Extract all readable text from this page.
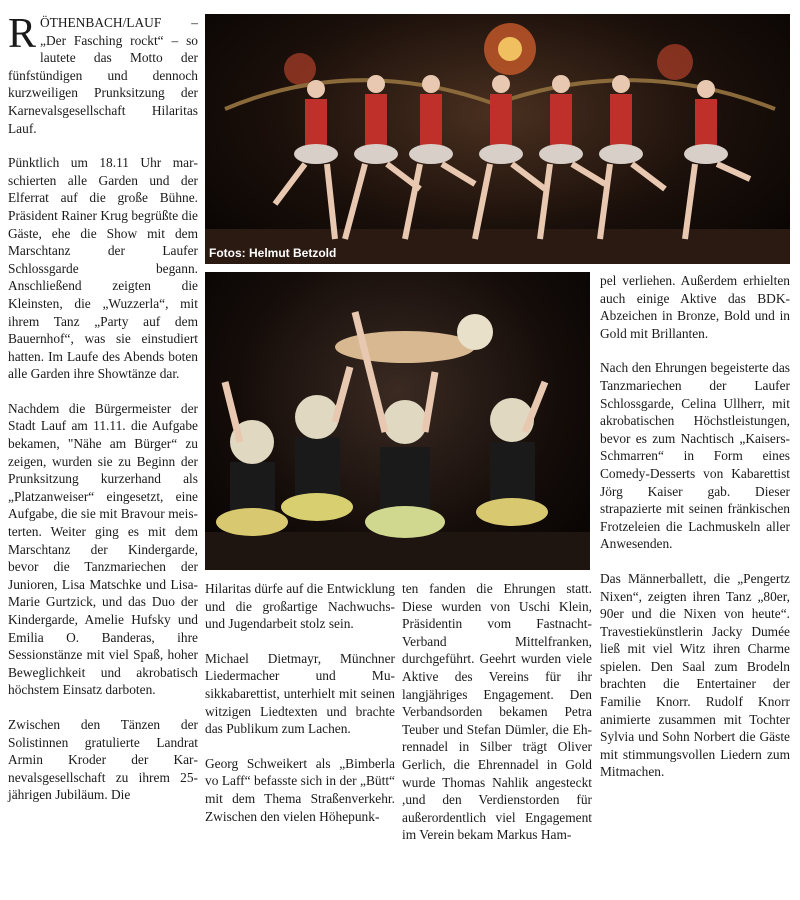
RÖTHENBACH/LAUF – „Der Fasching rockt“ – so lautete das Motto der fünfstündigen und dennoch kurzweiligen Prunksitzung der Karnevalsgesellschaft Hilaritas Lauf.

Pünktlich um 18.11 Uhr marschierten alle Garden und der Elferrat auf die große Bühne. Präsident Rainer Krug begrüßte die Gäste, ehe die Show mit dem Marschtanz der Laufer Schlossgarde begann. Anschließend zeigten die Kleinsten, die „Wuzzerla“, mit ihrem Tanz „Party auf dem Bauernhof“, was sie einstudiert hatten. Im Laufe des Abends boten alle Garden ihre Showtänze dar.

Nachdem die Bürgermeister der Stadt Lauf am 11.11. die Aufgabe bekamen, "Nähe am Bürger“ zu zeigen, wurden sie zu Beginn der Prunksitzung kurzerhand als „Platzanweiser“ eingesetzt, eine Aufgabe, die sie mit Bravour meisterten. Weiter ging es mit dem Marschtanz der Kindergarde, bevor die Tanzmariechen der Junioren, Lisa Matschke und Lisa-Marie Gurtzick, und das Duo der Kindergarde, Amelie Hufsky und Emilia O. Banderas, ihre Sessionstänze mit viel Spaß, hoher Beweglichkeit und akrobatisch höchstem Einsatz darboten.

Zwischen den Tänzen der Solistinnen gratulierte Landrat Armin Kroder der Karnevalsgesellschaft zu ihrem 25-jährigen Jubiläum. Die

Fotos: Helmut Betzold

Hilaritas dürfe auf die Entwicklung und die großartige Nachwuchs- und Jugendarbeit stolz sein.

Michael Dietmayr, Münchner Liedermacher und Musikkabarettist, unterhielt mit seinen witzigen Liedtexten und brachte das Publikum zum Lachen.

Georg Schweikert als „Bimberla vo Laff“ befasste sich in der „Bütt“ mit dem Thema Straßenverkehr. Zwischen den vielen Höhepunk-

ten fanden die Ehrungen statt. Diese wurden von Uschi Klein, Präsidentin vom Fastnacht-Verband Mittelfranken, durchgeführt. Geehrt wurden viele Aktive des Vereins für ihr langjähriges Engagement. Den Verbandsorden bekamen Petra Teuber und Stefan Dümler, die Ehrennadel in Silber trägt Oliver Gerlich, die Ehrennadel in Gold wurde Thomas Nahlik angesteckt ,und den Verdienstorden für außerordentlich viel Engagement im Verein bekam Markus Ham-

pel verliehen. Außerdem erhielten auch einige Aktive das BDK-Abzeichen in Bronze, Bold und in Gold mit Brillanten.

Nach den Ehrungen begeisterte das Tanzmariechen der Laufer Schlossgarde, Celina Ullherr, mit akrobatischen Höchstleistungen, bevor es zum Nachtisch „Kaisers-Schmarren“ in Form eines Comedy-Desserts von Kabarettist Jörg Kaiser gab. Dieser strapazierte mit seinen fränkischen Frotzeleien die Lachmuskeln aller Anwesenden.

Das Männerballett, die „Pengertz Nixen“, zeigten ihren Tanz „80er, 90er und die Nixen von heute“. Travestiekünstlerin Jacky Dumée ließ mit viel Witz ihren Charme spielen. Den Saal zum Brodeln brachten die Entertainer der Familie Knorr. Rudolf Knorr animierte zusammen mit Tochter Sylvia und Sohn Norbert die Gäste mit stimmungsvollen Liedern zum Mitmachen.
